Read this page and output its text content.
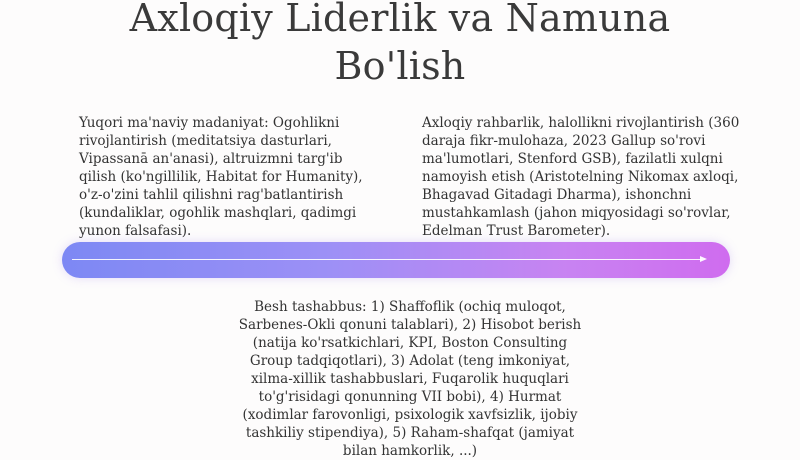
Axloqiy Liderlik va Namuna Bo'lish

Yuqori ma'naviy madaniyat: Ogohlikni rivojlantirish (meditatsiya dasturlari, Vipassanā an'anasi), altruizmni targ'ib qilish (ko'ngillilik, Habitat for Humanity), o'z-o'zini tahlil qilishni rag'batlantirish (kundaliklar, ogohlik mashqlari, qadimgi yunon falsafasi).

Axloqiy rahbarlik, halollikni rivojlantirish (360 daraja fikr-mulohaza, 2023 Gallup so'rovi ma'lumotlari, Stenford GSB), fazilatli xulqni namoyish etish (Aristotelning Nikomax axloqi, Bhagavad Gitadagi Dharma), ishonchni mustahkamlash (jahon miqyosidagi so'rovlar, Edelman Trust Barometer).

Besh tashabbus: 1) Shaffoflik (ochiq muloqot, Sarbenes-Okli qonuni talablari), 2) Hisobot berish (natija ko'rsatkichlari, KPI, Boston Consulting Group tadqiqotlari), 3) Adolat (teng imkoniyat, xilma-xillik tashabbuslari, Fuqarolik huquqlari to'g'risidagi qonunning VII bobi), 4) Hurmat (xodimlar farovonligi, psixologik xavfsizlik, ijobiy tashkiliy stipendiya), 5) Raham-shafqat (jamiyat bilan hamkorlik, ...)
